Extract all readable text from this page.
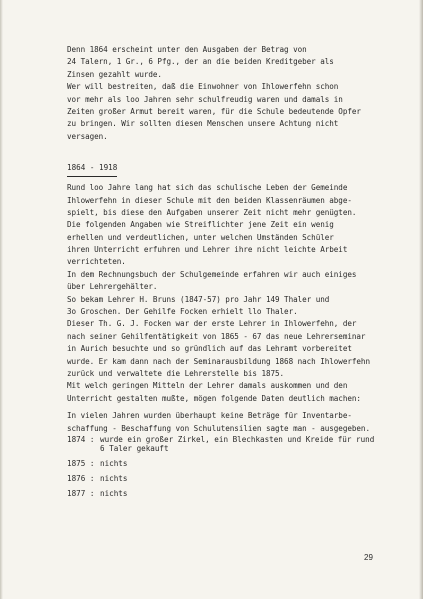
Denn 1864 erscheint unter den Ausgaben der Betrag von
24 Talern, 1 Gr., 6 Pfg., der an die beiden Kreditgeber als
Zinsen gezahlt wurde.
Wer will bestreiten, daß die Einwohner von Ihlowerfehn schon
vor mehr als loo Jahren sehr schulfreudig waren und damals in
Zeiten großer Armut bereit waren, für die Schule bedeutende Opfer
zu bringen. Wir sollten diesen Menschen unsere Achtung nicht
versagen.
1864 - 1918
Rund loo Jahre lang hat sich das schulische Leben der Gemeinde
Ihlowerfehn in dieser Schule mit den beiden Klassenräumen abge-
spielt, bis diese den Aufgaben unserer Zeit nicht mehr genügten.
Die folgenden Angaben wie Streiflichter jene Zeit ein wenig
erhellen und verdeutlichen, unter welchen Umständen Schüler
ihren Unterricht erfuhren und Lehrer ihre nicht leichte Arbeit
verrichteten.
In dem Rechnungsbuch der Schulgemeinde erfahren wir auch einiges
über Lehrergehälter.
So bekam Lehrer H. Bruns (1847-57) pro Jahr 149 Thaler und
3o Groschen. Der Gehilfe Focken erhielt llo Thaler.
Dieser Th. G. J. Focken war der erste Lehrer in Ihlowerfehn, der
nach seiner Gehilfentätigkeit von 1865 - 67 das neue Lehrerseminar
in Aurich besuchte und so gründlich auf das Lehramt vorbereitet
wurde. Er kam dann nach der Seminarausbildung 1868 nach Ihlowerfehn
zurück und verwaltete die Lehrerstelle bis 1875.
Mit welch geringen Mitteln der Lehrer damals auskommen und den
Unterricht gestalten mußte, mögen folgende Daten deutlich machen:
In vielen Jahren wurden überhaupt keine Beträge für Inventarbe-
schaffung - Beschaffung von Schulutensilien sagte man - ausgegeben.
1874 : wurde ein großer Zirkel, ein Blechkasten und Kreide für rund
6 Taler gekauft
1875 : nichts
1876 : nichts
1877 : nichts
29
